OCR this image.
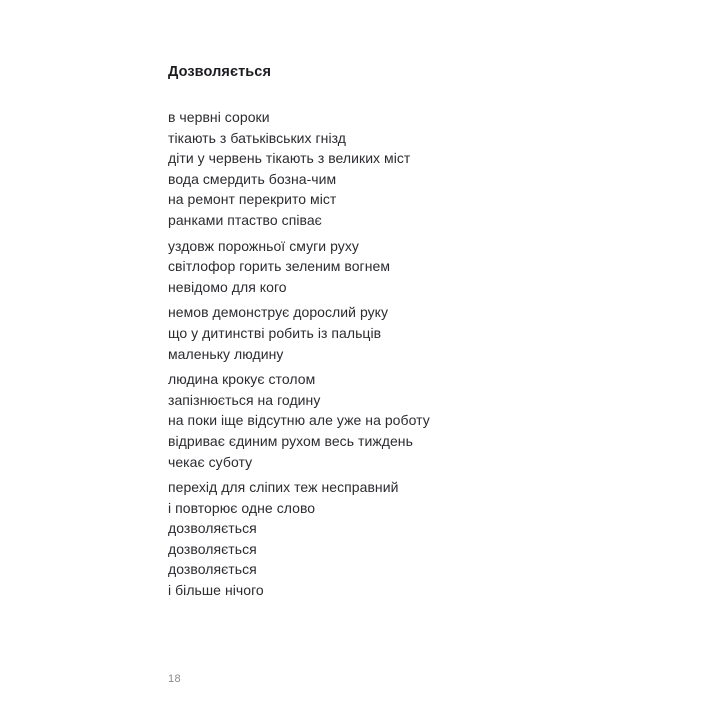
Дозволяється
в червні сороки
тікають з батьківських гнізд
діти у червень тікають з великих міст
вода смердить бозна-чим
на ремонт перекрито міст
ранками птаство співає
уздовж порожньої смуги руху
світлофор горить зеленим вогнем
невідомо для кого
немов демонструє дорослий руку
що у дитинстві робить із пальців
маленьку людину
людина крокує столом
запізнюється на годину
на поки іще відсутню але уже на роботу
відриває єдиним рухом весь тиждень
чекає суботу
перехід для сліпих теж несправний
і повторює одне слово
дозволяється
дозволяється
дозволяється
і більше нічого
18
